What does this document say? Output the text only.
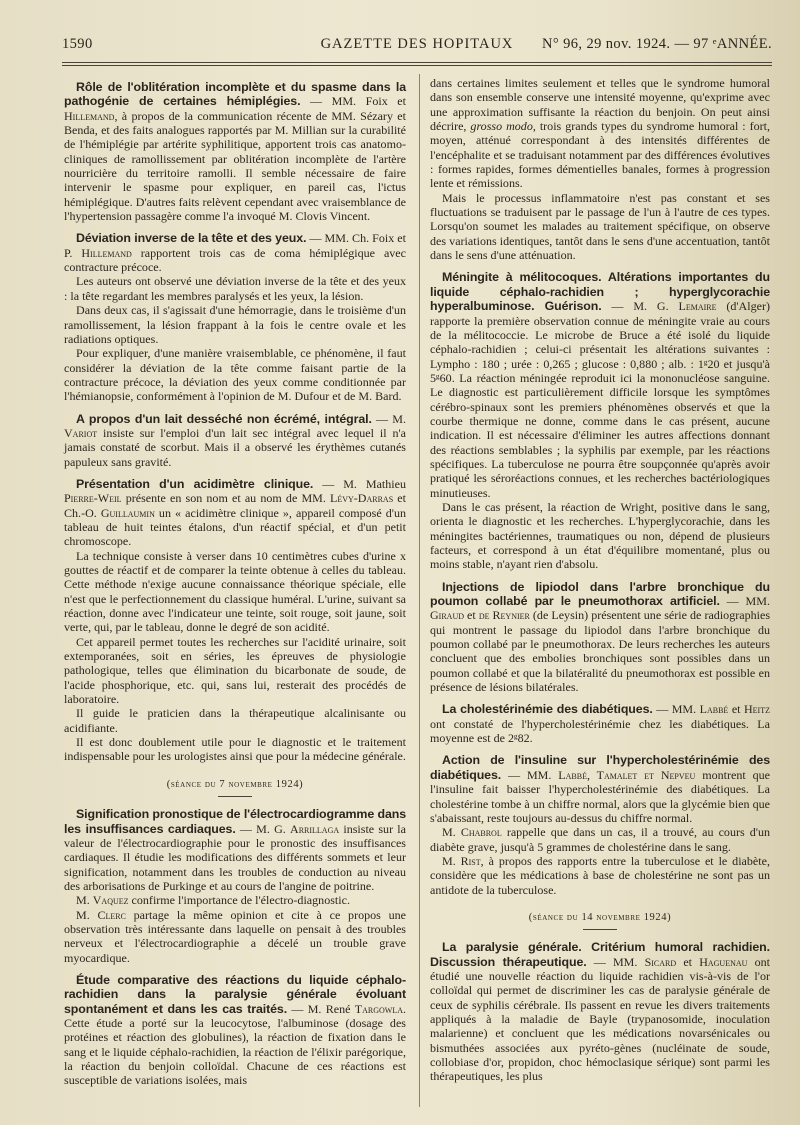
1590	GAZETTE DES HOPITAUX	N° 96, 29 nov. 1924. — 97 ᵉANNÉE.

Rôle de l'oblitération incomplète et du spasme dans la pathogénie de certaines hémiplégies. — MM. Foix et Hillemand, à propos de la communication récente de MM. Sézary et Benda, et des faits analogues rapportés par M. Millian sur la curabilité de l'hémiplégie par artérite syphilitique, apportent trois cas anatomo-cliniques de ramollissement par oblitération incomplète de l'artère nourricière du territoire ramolli. Il semble nécessaire de faire intervenir le spasme pour expliquer, en pareil cas, l'ictus hémiplégique. D'autres faits relèvent cependant avec vraisemblance de l'hypertension passagère comme l'a invoqué M. Clovis Vincent.

Déviation inverse de la tête et des yeux. — MM. Ch. Foix et P. Hillemand rapportent trois cas de coma hémiplégique avec contracture précoce.

Les auteurs ont observé une déviation inverse de la tête et des yeux : la tête regardant les membres paralysés et les yeux, la lésion.

Dans deux cas, il s'agissait d'une hémorragie, dans le troisième d'un ramollissement, la lésion frappant à la fois le centre ovale et les radiations optiques.

Pour expliquer, d'une manière vraisemblable, ce phénomène, il faut considérer la déviation de la tête comme faisant partie de la contracture précoce, la déviation des yeux comme conditionnée par l'hémianopsie, conformément à l'opinion de M. Dufour et de M. Bard.

A propos d'un lait desséché non écrémé, intégral. — M. Variot insiste sur l'emploi d'un lait sec intégral avec lequel il n'a jamais constaté de scorbut. Mais il a observé les érythèmes cutanés papuleux sans gravité.

Présentation d'un acidimètre clinique. — M. Mathieu Pierre-Weil présente en son nom et au nom de MM. Lévy-Darras et Ch.-O. Guillaumin un « acidimètre clinique », appareil composé d'un tableau de huit teintes étalons, d'un réactif spécial, et d'un petit chromoscope.

La technique consiste à verser dans 10 centimètres cubes d'urine x gouttes de réactif et de comparer la teinte obtenue à celles du tableau. Cette méthode n'exige aucune connaissance théorique spéciale, elle n'est que le perfectionnement du classique huméral. L'urine, suivant sa réaction, donne avec l'indicateur une teinte, soit rouge, soit jaune, soit verte, qui, par le tableau, donne le degré de son acidité.

Cet appareil permet toutes les recherches sur l'acidité urinaire, soit extemporanées, soit en séries, les épreuves de physiologie pathologique, telles que élimination du bicarbonate de soude, de l'acide phosphorique, etc. qui, sans lui, resterait des procédés de laboratoire.

Il guide le praticien dans la thérapeutique alcalinisante ou acidifiante.

Il est donc doublement utile pour le diagnostic et le traitement indispensable pour les urologistes ainsi que pour la médecine générale.

(séance du 7 novembre 1924)

Signification pronostique de l'électrocardiogramme dans les insuffisances cardiaques. — M. G. Arrillaga insiste sur la valeur de l'électrocardiographie pour le pronostic des insuffisances cardiaques. Il étudie les modifications des différents sommets et leur signification, notamment dans les troubles de conduction au niveau des arborisations de Purkinge et au cours de l'angine de poitrine.

M. Vaquez confirme l'importance de l'électro-diagnostic.

M. Clerc partage la même opinion et cite à ce propos une observation très intéressante dans laquelle on pensait à des troubles nerveux et l'électrocardiographie a décelé un trouble grave myocardique.

Étude comparative des réactions du liquide céphalo-rachidien dans la paralysie générale évoluant spontanément et dans les cas traités. — M. René Targowla. Cette étude a porté sur la leucocytose, l'albuminose (dosage des protéines et réaction des globulines), la réaction de fixation dans le sang et le liquide céphalo-rachidien, la réaction de l'élixir parégorique, la réaction du benjoin colloïdal. Chacune de ces réactions est susceptible de variations isolées, mais

dans certaines limites seulement et telles que le syndrome humoral dans son ensemble conserve une intensité moyenne, qu'exprime avec une approximation suffisante la réaction du benjoin. On peut ainsi décrire, grosso modo, trois grands types du syndrome humoral : fort, moyen, atténué correspondant à des intensités différentes de l'encéphalite et se traduisant notamment par des différences évolutives : formes rapides, formes démentielles banales, formes à progression lente et rémissions.

Mais le processus inflammatoire n'est pas constant et ses fluctuations se traduisent par le passage de l'un à l'autre de ces types. Lorsqu'on soumet les malades au traitement spécifique, on observe des variations identiques, tantôt dans le sens d'une accentuation, tantôt dans le sens d'une atténuation.

Méningite à mélitocoques. Altérations importantes du liquide céphalo-rachidien ; hyperglycorachie hyperalbuminose. Guérison. — M. G. Lemaire (d'Alger) rapporte la première observation connue de méningite vraie au cours de la mélitococcie. Le microbe de Bruce a été isolé du liquide céphalo-rachidien ; celui-ci présentait les altérations suivantes : Lympho : 180 ; urée : 0,265 ; glucose : 0,880 ; alb. : 1ᵍ20 et jusqu'à 5ᵍ60. La réaction méningée reproduit ici la mononucléose sanguine. Le diagnostic est particulièrement difficile lorsque les symptômes cérébro-spinaux sont les premiers phénomènes observés et que la courbe thermique ne donne, comme dans le cas présent, aucune indication. Il est nécessaire d'éliminer les autres affections donnant des réactions semblables ; la syphilis par exemple, par les réactions spécifiques. La tuberculose ne pourra être soupçonnée qu'après avoir pratiqué les séroréactions connues, et les recherches bactériologiques minutieuses.

Dans le cas présent, la réaction de Wright, positive dans le sang, orienta le diagnostic et les recherches. L'hyperglycorachie, dans les méningites bactériennes, traumatiques ou non, dépend de plusieurs facteurs, et correspond à un état d'équilibre momentané, plus ou moins stable, n'ayant rien d'absolu.

Injections de lipiodol dans l'arbre bronchique du poumon collabé par le pneumothorax artificiel. — MM. Giraud et de Reynier (de Leysin) présentent une série de radiographies qui montrent le passage du lipiodol dans l'arbre bronchique du poumon collabé par le pneumothorax. De leurs recherches les auteurs concluent que des embolies bronchiques sont possibles dans un poumon collabé et que la bilatéralité du pneumothorax est possible en présence de lésions bilatérales.

La cholestérinémie des diabétiques. — MM. Labbé et Heitz ont constaté de l'hypercholestérinémie chez les diabétiques. La moyenne est de 2ᵍ82.

Action de l'insuline sur l'hypercholestérinémie des diabétiques. — MM. Labbé, Tamalet et Nepveu montrent que l'insuline fait baisser l'hypercholestérinémie des diabétiques. La cholestérine tombe à un chiffre normal, alors que la glycémie bien que s'abaissant, reste toujours au-dessus du chiffre normal.

M. Chabrol rappelle que dans un cas, il a trouvé, au cours d'un diabète grave, jusqu'à 5 grammes de cholestérine dans le sang.

M. Rist, à propos des rapports entre la tuberculose et le diabète, considère que les médications à base de cholestérine ne sont pas un antidote de la tuberculose.

(séance du 14 novembre 1924)

La paralysie générale. Critérium humoral rachidien. Discussion thérapeutique. — MM. Sicard et Haguenau ont étudié une nouvelle réaction du liquide rachidien vis-à-vis de l'or colloïdal qui permet de discriminer les cas de paralysie générale de ceux de syphilis cérébrale. Ils passent en revue les divers traitements appliqués à la maladie de Bayle (trypanosomide, inoculation malarienne) et concluent que les médications novarsénicales ou bismuthées associées aux pyréto-gènes (nucléinate de soude, collobiase d'or, propidon, choc hémoclasique sérique) sont parmi les thérapeutiques, les plus
